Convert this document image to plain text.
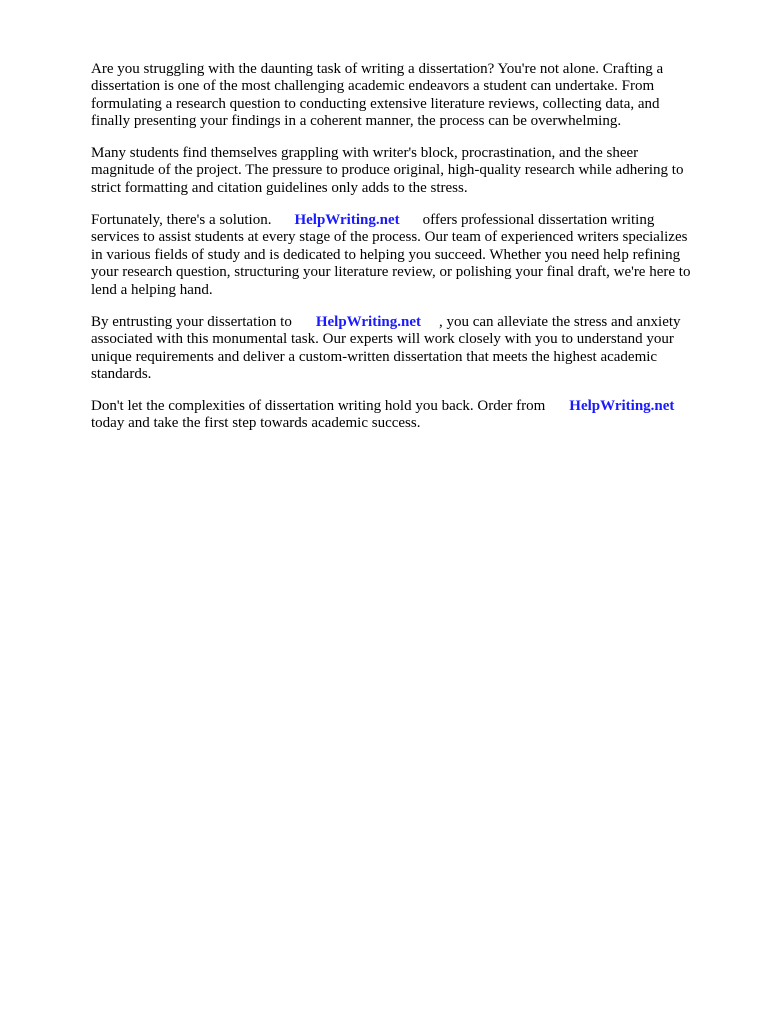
Are you struggling with the daunting task of writing a dissertation? You're not alone. Crafting a
dissertation is one of the most challenging academic endeavors a student can undertake. From
formulating a research question to conducting extensive literature reviews, collecting data, and
finally presenting your findings in a coherent manner, the process can be overwhelming.

Many students find themselves grappling with writer's block, procrastination, and the sheer
magnitude of the project. The pressure to produce original, high-quality research while adhering to
strict formatting and citation guidelines only adds to the stress.

Fortunately, there's a solution. HelpWriting.net offers professional dissertation writing
services to assist students at every stage of the process. Our team of experienced writers specializes
in various fields of study and is dedicated to helping you succeed. Whether you need help refining
your research question, structuring your literature review, or polishing your final draft, we're here to
lend a helping hand.

By entrusting your dissertation to HelpWriting.net , you can alleviate the stress and anxiety
associated with this monumental task. Our experts will work closely with you to understand your
unique requirements and deliver a custom-written dissertation that meets the highest academic
standards.

Don't let the complexities of dissertation writing hold you back. Order from HelpWriting.net
today and take the first step towards academic success.
